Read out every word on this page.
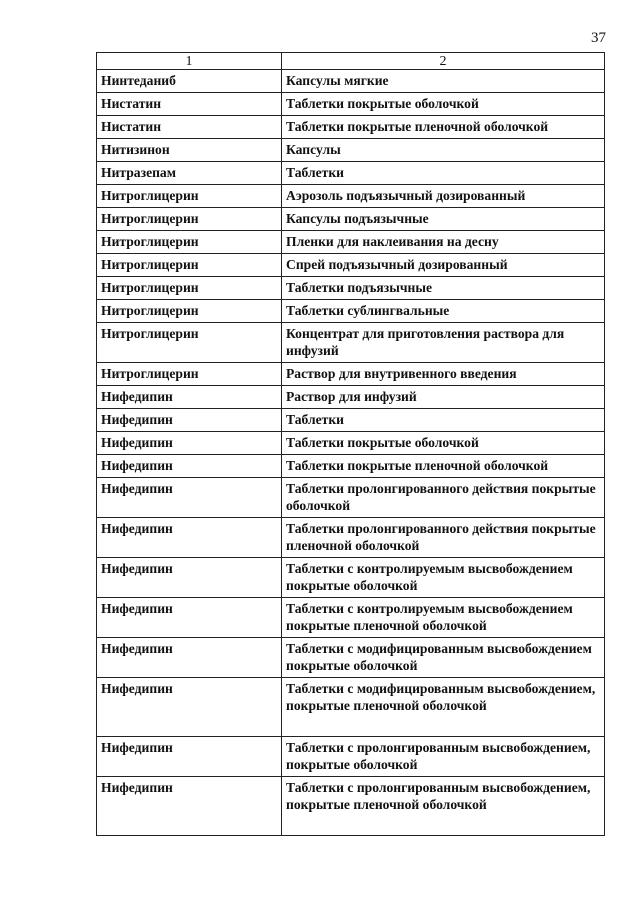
37
1	2
Нинтеданиб	Капсулы мягкие
Нистатин	Таблетки покрытые оболочкой
Нистатин	Таблетки покрытые пленочной оболочкой
Нитизинон	Капсулы
Нитразепам	Таблетки
Нитроглицерин	Аэрозоль подъязычный дозированный
Нитроглицерин	Капсулы подъязычные
Нитроглицерин	Пленки для наклеивания на десну
Нитроглицерин	Спрей подъязычный дозированный
Нитроглицерин	Таблетки подъязычные
Нитроглицерин	Таблетки сублингвальные
Нитроглицерин	Концентрат для приготовления раствора для инфузий
Нитроглицерин	Раствор для внутривенного введения
Нифедипин	Раствор для инфузий
Нифедипин	Таблетки
Нифедипин	Таблетки покрытые оболочкой
Нифедипин	Таблетки покрытые пленочной оболочкой
Нифедипин	Таблетки пролонгированного действия покрытые оболочкой
Нифедипин	Таблетки пролонгированного действия покрытые пленочной оболочкой
Нифедипин	Таблетки с контролируемым высвобождением покрытые оболочкой
Нифедипин	Таблетки с контролируемым высвобождением покрытые пленочной оболочкой
Нифедипин	Таблетки с модифицированным высвобождением покрытые оболочкой
Нифедипин	Таблетки с модифицированным высвобождением, покрытые пленочной оболочкой
Нифедипин	Таблетки с пролонгированным высвобождением, покрытые оболочкой
Нифедипин	Таблетки с пролонгированным высвобождением, покрытые пленочной оболочкой
